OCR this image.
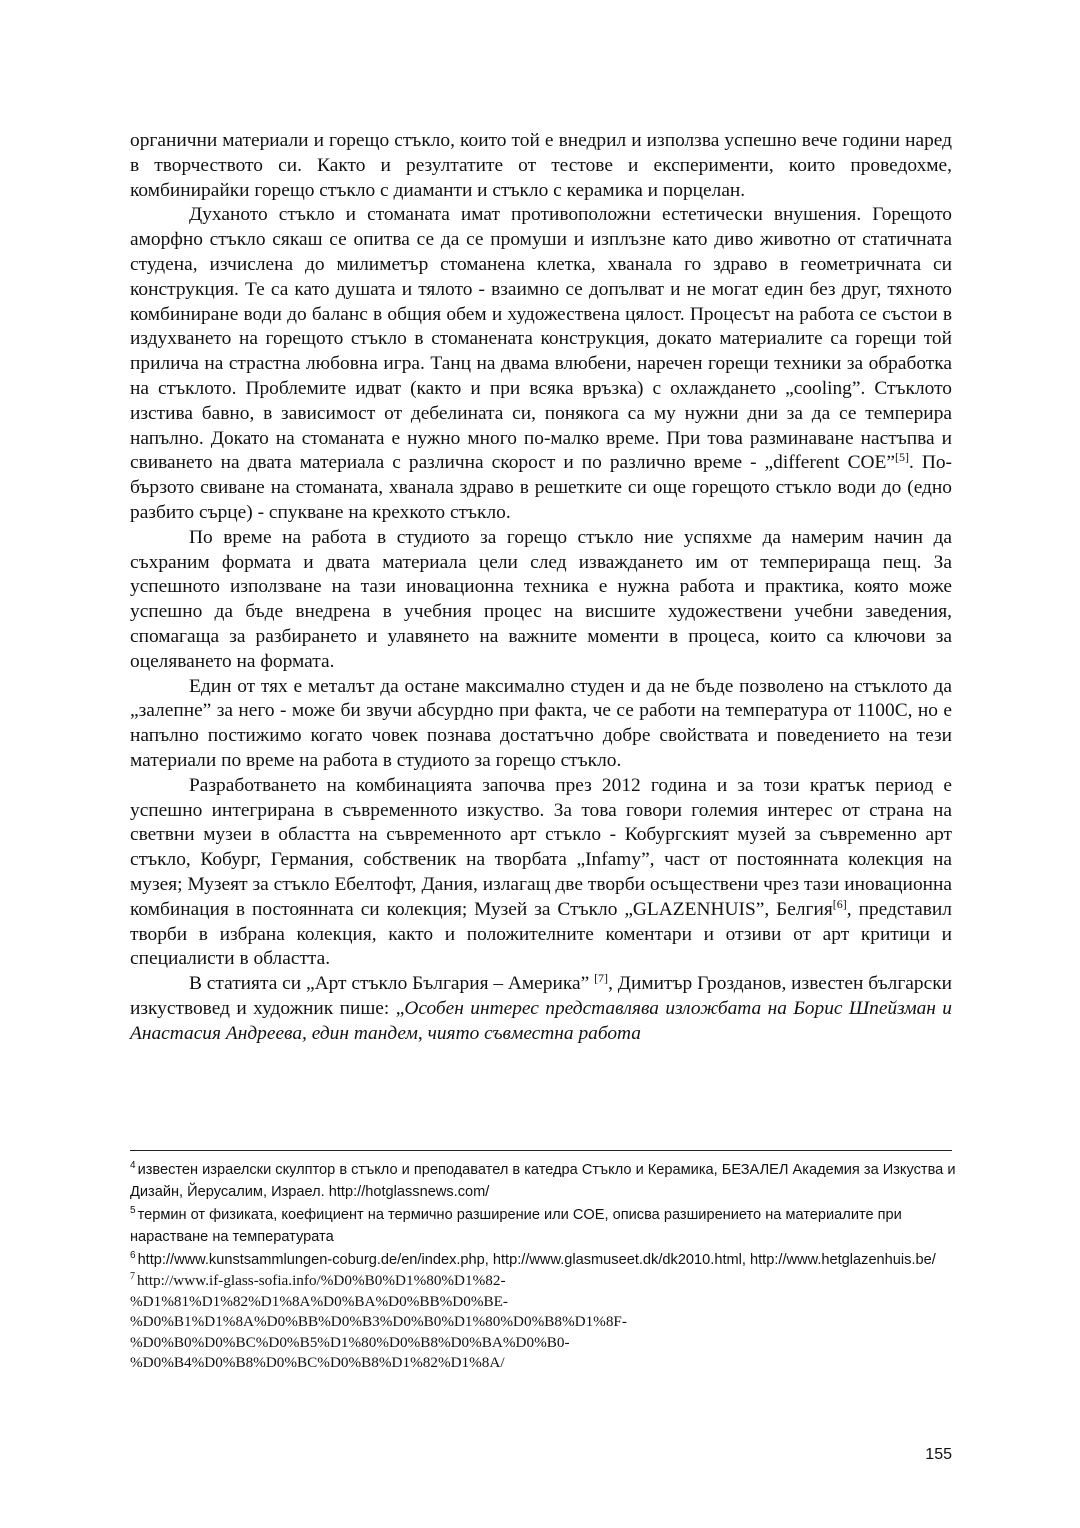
органични материали и горещо стъкло, които той е внедрил и използва успешно вече години наред в творчеството си. Както и резултатите от тестове и експерименти, които проведохме, комбинирайки горещо стъкло с диаманти и стъкло с керамика и порцелан.

Духаното стъкло и стоманата имат противоположни естетически внушения. Горещото аморфно стъкло сякаш се опитва се да се промуши и изплъзне като диво животно от статичната студена, изчислена до милиметър стоманена клетка, хванала го здраво в геометричната си конструкция. Те са като душата и тялото - взаимно се допълват и не могат един без друг, тяхното комбиниране води до баланс в общия обем и художествена цялост. Процесът на работа се състои в издухването на горещото стъкло в стоманената конструкция, докато материалите са горещи той прилича на страстна любовна игра. Танц на двама влюбени, наречен горещи техники за обработка на стъклото. Проблемите идват (както и при всяка връзка) с охлаждането „cooling”. Стъклото изстива бавно, в зависимост от дебелината си, понякога са му нужни дни за да се темперира напълно. Докато на стоманата е нужно много по-малко време. При това разминаване настъпва и свиването на двата материала с различна скорост и по различно време - „different COE”[5]. По-бързото свиване на стоманата, хванала здраво в решетките си още горещото стъкло води до (едно разбито сърце) - спукване на крехкото стъкло.

По време на работа в студиото за горещо стъкло ние успяхме да намерим начин да съхраним формата и двата материала цели след изваждането им от темперираща пещ. За успешното използване на тази иновационна техника е нужна работа и практика, която може успешно да бъде внедрена в учебния процес на висшите художествени учебни заведения, спомагаща за разбирането и улавянето на важните моменти в процеса, които са ключови за оцеляването на формата.

Един от тях е металът да остане максимално студен и да не бъде позволено на стъклото да „залепне” за него - може би звучи абсурдно при факта, че се работи на температура от 1100С, но е напълно постижимо когато човек познава достатъчно добре свойствата и поведението на тези материали по време на работа в студиото за горещо стъкло.

Разработването на комбинацията започва през 2012 година и за този кратък период е успешно интегрирана в съвременното изкуство. За това говори големия интерес от страна на светвни музеи в областта на съвременното арт стъкло - Кобургският музей за съвременно арт стъкло, Кобург, Германия, собственик на творбата „Infamy”, част от постоянната колекция на музея; Музеят за стъкло Ебелтофт, Дания, излагащ две творби осъществени чрез тази иновационна комбинация в постоянната си колекция; Музей за Стъкло „GLAZENHUIS”, Белгия[6], представил творби в избрана колекция, както и положителните коментари и отзиви от арт критици и специалисти в областта.

В статията си „Арт стъкло България – Америка” [7], Димитър Грозданов, известен български изкуствовед и художник пише: „Особен интерес представлява изложбата на Борис Шпейзман и Анастасия Андреева, един тандем, чиято съвместна работа

$^4$ известен израелски скулптор в стъкло и преподавател в катедра Стъкло и Керамика, БЕЗАЛЕЛ Академия за Изкуства и Дизайн, Йерусалим, Израел. http://hotglassnews.com/
$^5$ термин от физиката, коефициент на термично разширение или COE, описва разширението на материалите при нарастване на температурата
$^6$ http://www.kunstsammlungen-coburg.de/en/index.php, http://www.glasmuseet.dk/dk2010.html, http://www.hetglazenhuis.be/
$^7$ http://www.if-glass-sofia.info/%D0%B0%D1%80%D1%82-
%D1%81%D1%82%D1%8A%D0%BA%D0%BB%D0%BE-
%D0%B1%D1%8A%D0%BB%D0%B3%D0%B0%D1%80%D0%B8%D1%8F-
%D0%B0%D0%BC%D0%B5%D1%80%D0%B8%D0%BA%D0%B0-
%D0%B4%D0%B8%D0%BC%D0%B8%D1%82%D1%8A/
155
